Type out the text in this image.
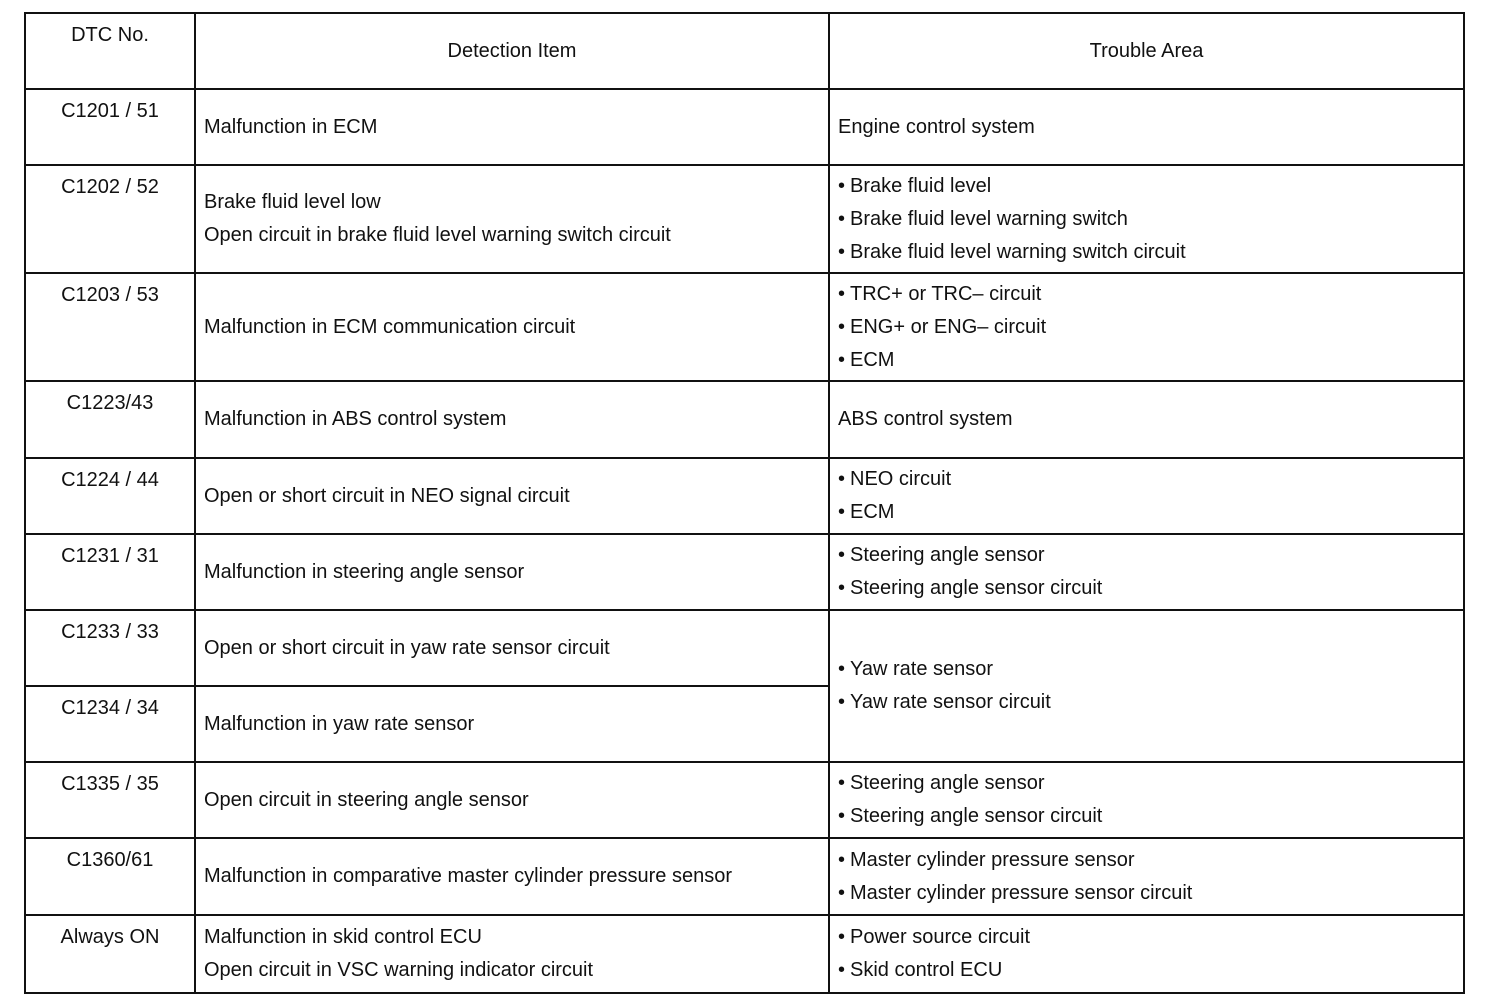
DTC No.	Detection Item	Trouble Area
C1201 / 51	Malfunction in ECM	Engine control system

C1202 / 52	Brake fluid level low
Open circuit in brake fluid level warning switch circuit	• Brake fluid level
• Brake fluid level warning switch
• Brake fluid level warning switch circuit

C1203 / 53	Malfunction in ECM communication circuit	• TRC+ or TRC– circuit
• ENG+ or ENG– circuit
• ECM

C1223/43	Malfunction in ABS control system	ABS control system

C1224 / 44	Open or short circuit in NEO signal circuit	• NEO circuit
• ECM

C1231 / 31	Malfunction in steering angle sensor	• Steering angle sensor
• Steering angle sensor circuit

C1233 / 33	Open or short circuit in yaw rate sensor circuit	• Yaw rate sensor
• Yaw rate sensor circuit

C1234 / 34	Malfunction in yaw rate sensor	

C1335 / 35	Open circuit in steering angle sensor	• Steering angle sensor
• Steering angle sensor circuit

C1360/61	Malfunction in comparative master cylinder pressure sensor	• Master cylinder pressure sensor
• Master cylinder pressure sensor circuit

Always ON	Malfunction in skid control ECU
Open circuit in VSC warning indicator circuit	• Power source circuit
• Skid control ECU
